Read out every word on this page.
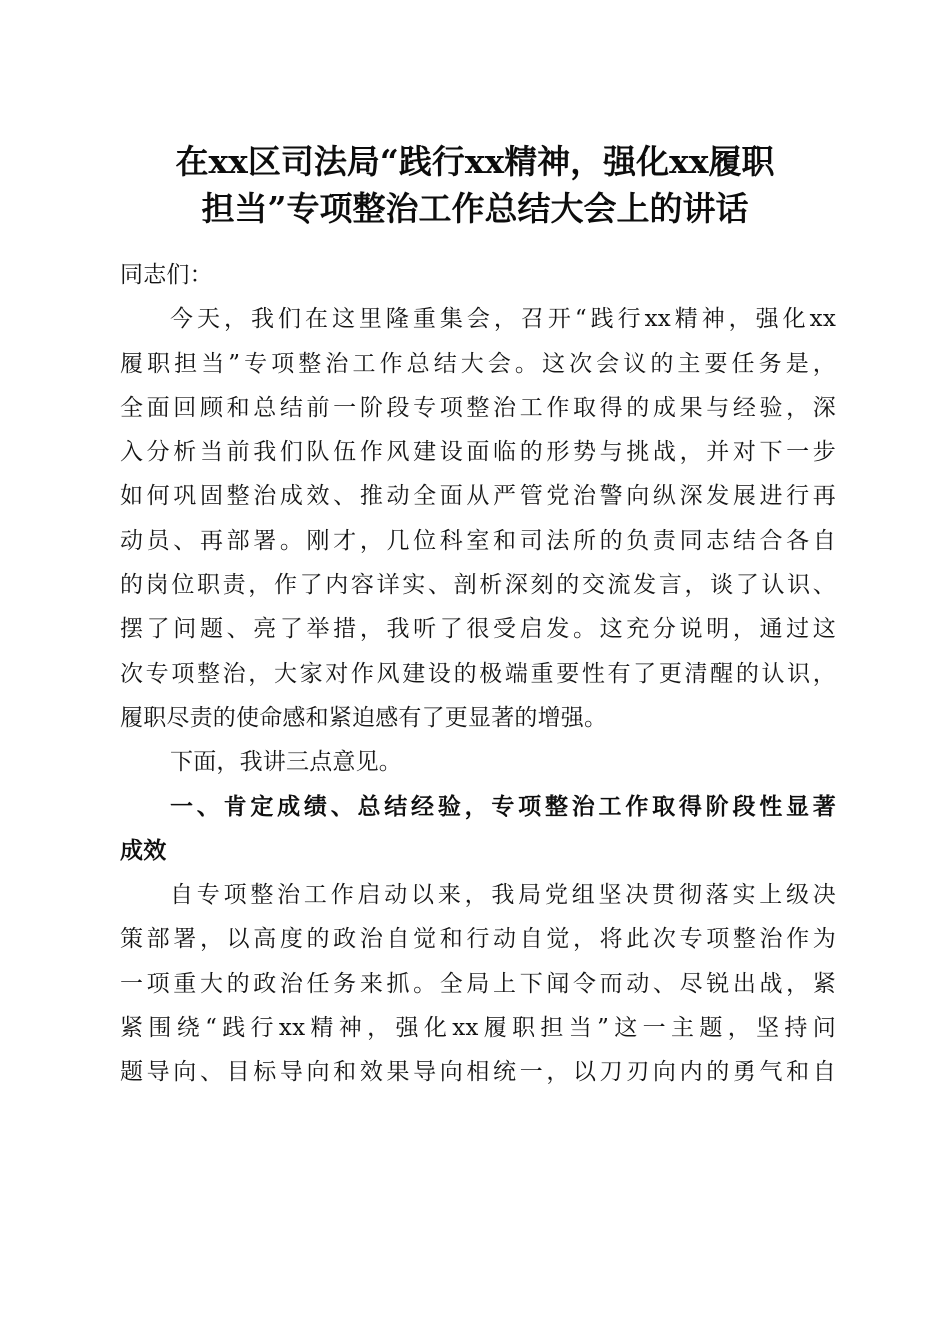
在xx区司法局“践行xx精神，强化xx履职
担当”专项整治工作总结大会上的讲话
同志们：
今天，我们在这里隆重集会，召开“践行xx精神，强化xx
履职担当”专项整治工作总结大会。这次会议的主要任务是，
全面回顾和总结前一阶段专项整治工作取得的成果与经验，深
入分析当前我们队伍作风建设面临的形势与挑战，并对下一步
如何巩固整治成效、推动全面从严管党治警向纵深发展进行再
动员、再部署。刚才，几位科室和司法所的负责同志结合各自
的岗位职责，作了内容详实、剖析深刻的交流发言，谈了认识、
摆了问题、亮了举措，我听了很受启发。这充分说明，通过这
次专项整治，大家对作风建设的极端重要性有了更清醒的认识，
履职尽责的使命感和紧迫感有了更显著的增强。
下面，我讲三点意见。
一、肯定成绩、总结经验，专项整治工作取得阶段性显著
成效
自专项整治工作启动以来，我局党组坚决贯彻落实上级决
策部署，以高度的政治自觉和行动自觉，将此次专项整治作为
一项重大的政治任务来抓。全局上下闻令而动、尽锐出战，紧
紧围绕“践行xx精神，强化xx履职担当”这一主题，坚持问
题导向、目标导向和效果导向相统一，以刀刃向内的勇气和自
